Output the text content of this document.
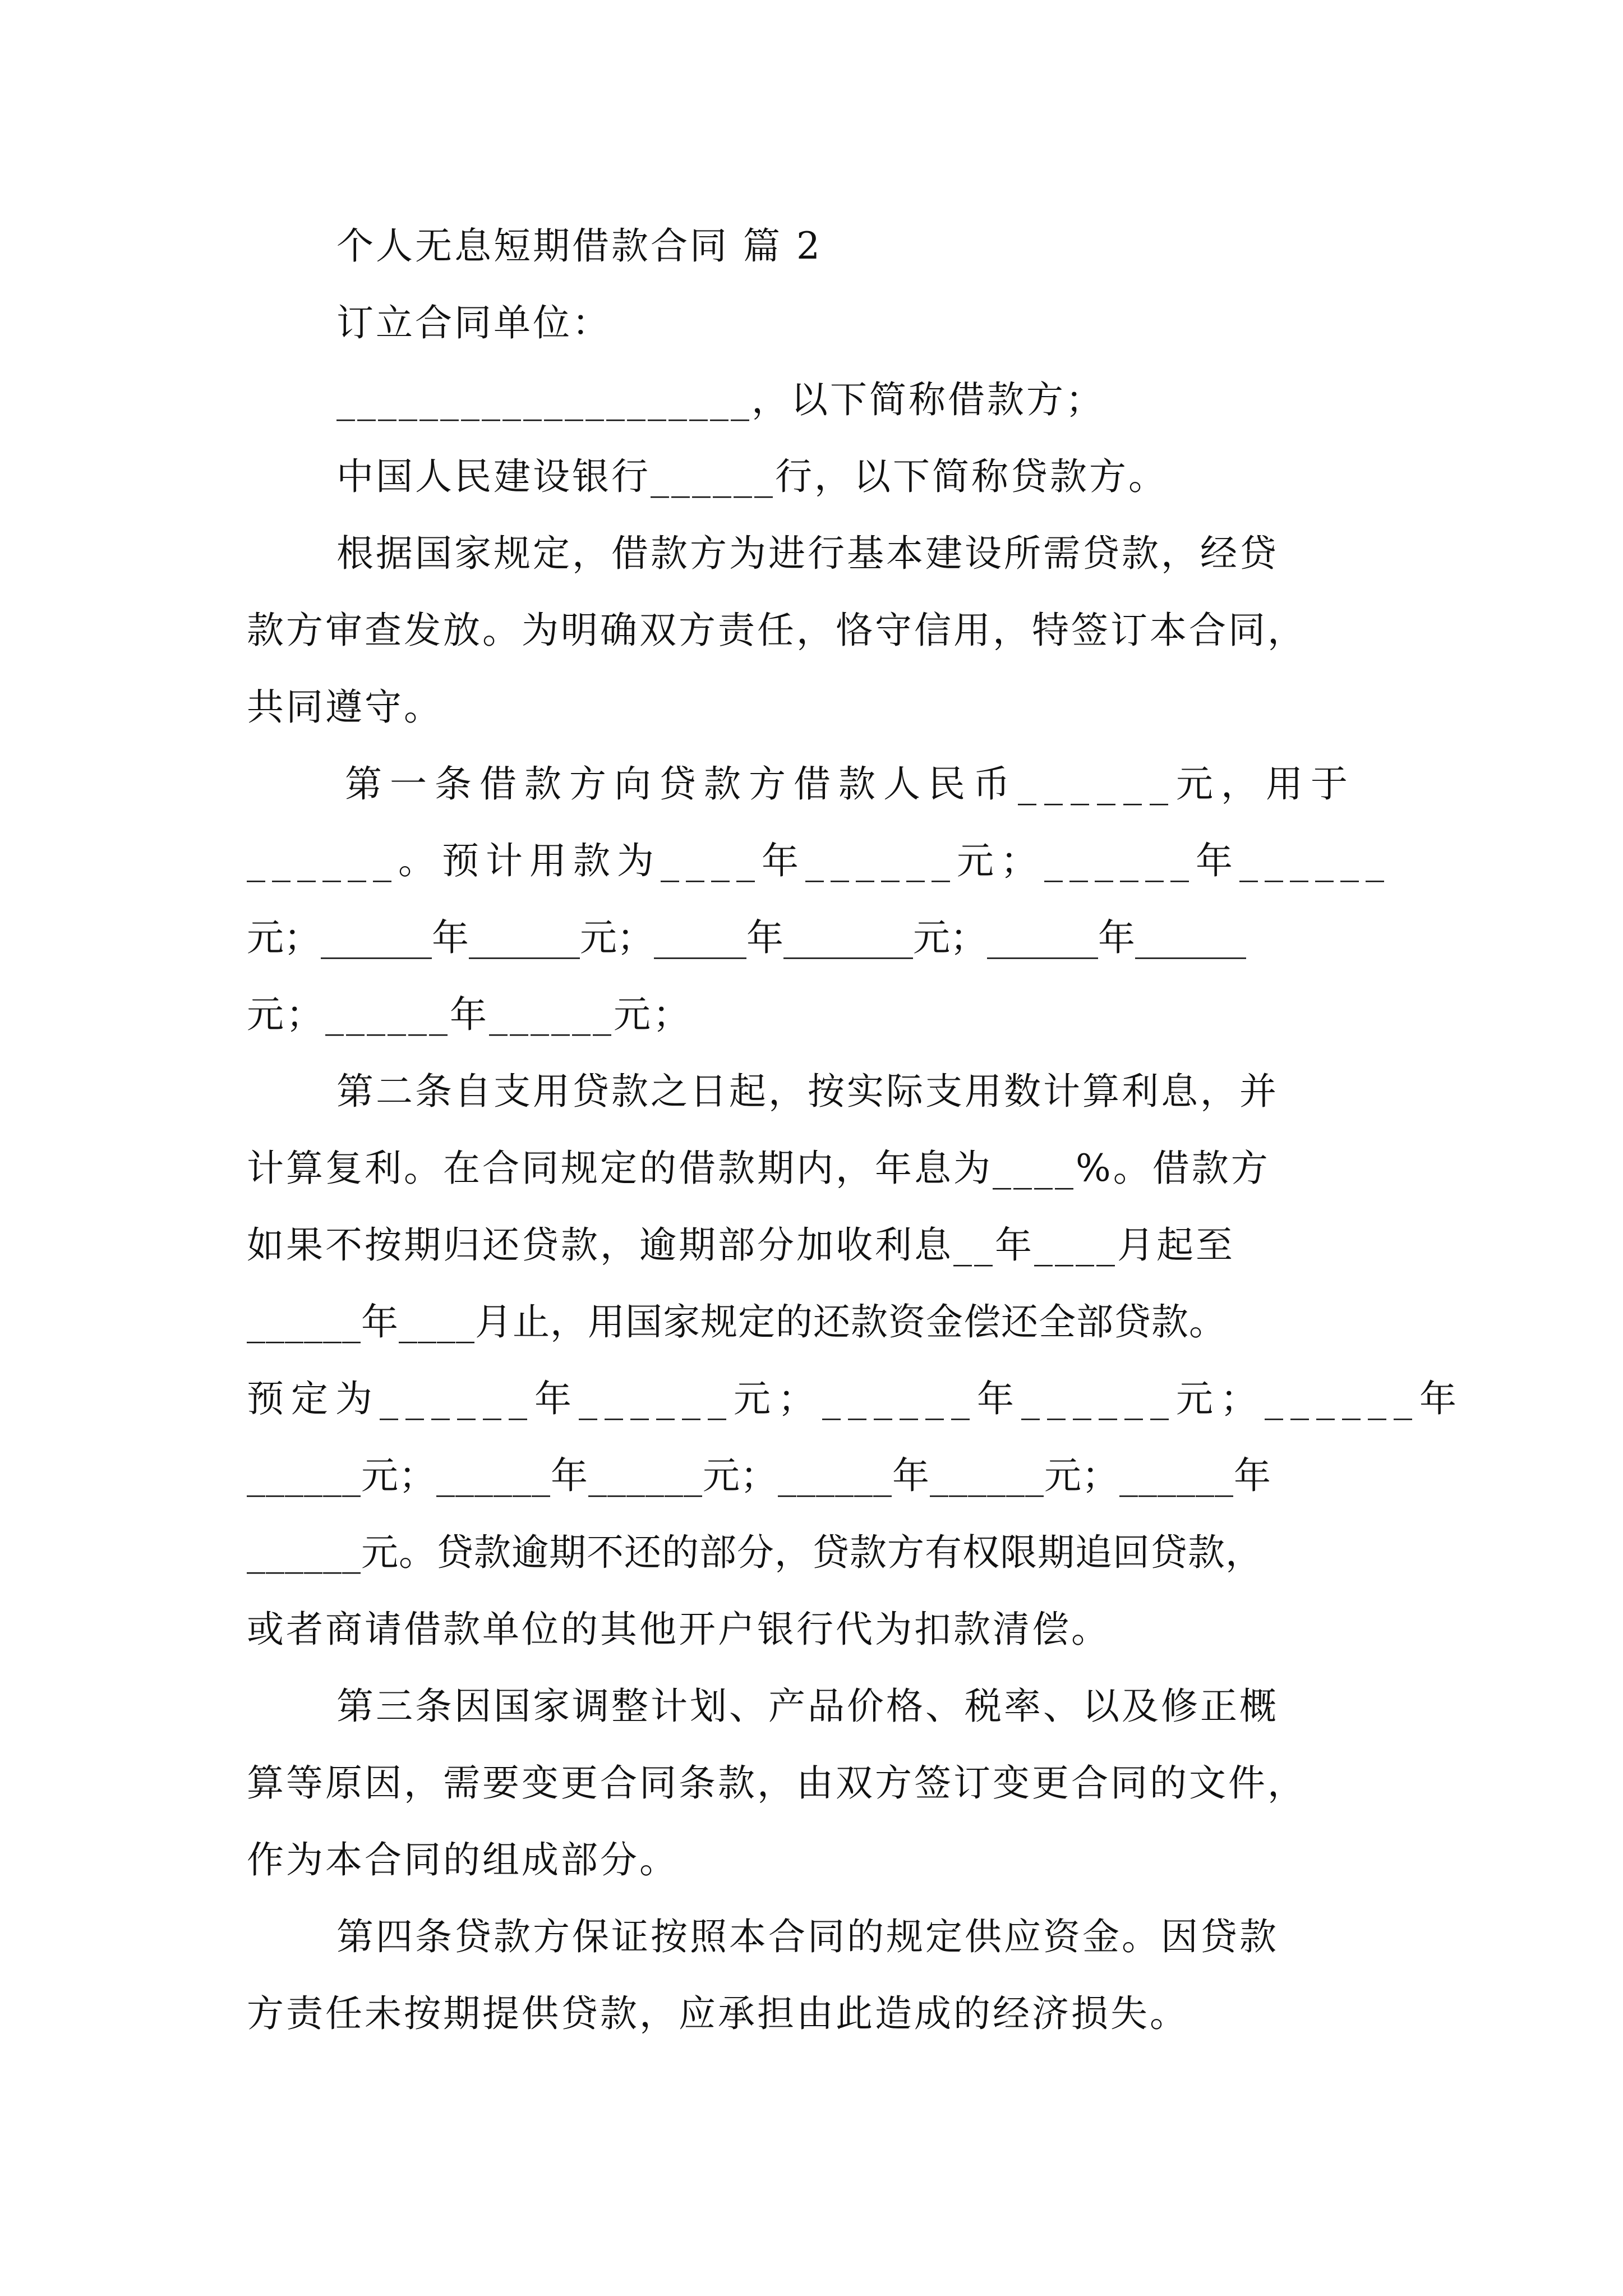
个人无息短期借款合同 篇 2
订立合同单位：
____________________，以下简称借款方；
中国人民建设银行______行，以下简称贷款方。
根据国家规定，借款方为进行基本建设所需贷款，经贷
款方审查发放。为明确双方责任，恪守信用，特签订本合同，
共同遵守。
第一条借款方向贷款方借款人民币______元，用于
______。预计用款为____年______元；______年______
元；______年______元；_____年_______元；______年______
元；______年______元；
第二条自支用贷款之日起，按实际支用数计算利息，并
计算复利。在合同规定的借款期内，年息为____%。借款方
如果不按期归还贷款，逾期部分加收利息__年____月起至
______年____月止，用国家规定的还款资金偿还全部贷款。
预定为______年______元；______年______元；______年
______元；______年______元；______年______元；______年
______元。贷款逾期不还的部分，贷款方有权限期追回贷款，
或者商请借款单位的其他开户银行代为扣款清偿。
第三条因国家调整计划、产品价格、税率、以及修正概
算等原因，需要变更合同条款，由双方签订变更合同的文件，
作为本合同的组成部分。
第四条贷款方保证按照本合同的规定供应资金。因贷款
方责任未按期提供贷款，应承担由此造成的经济损失。
